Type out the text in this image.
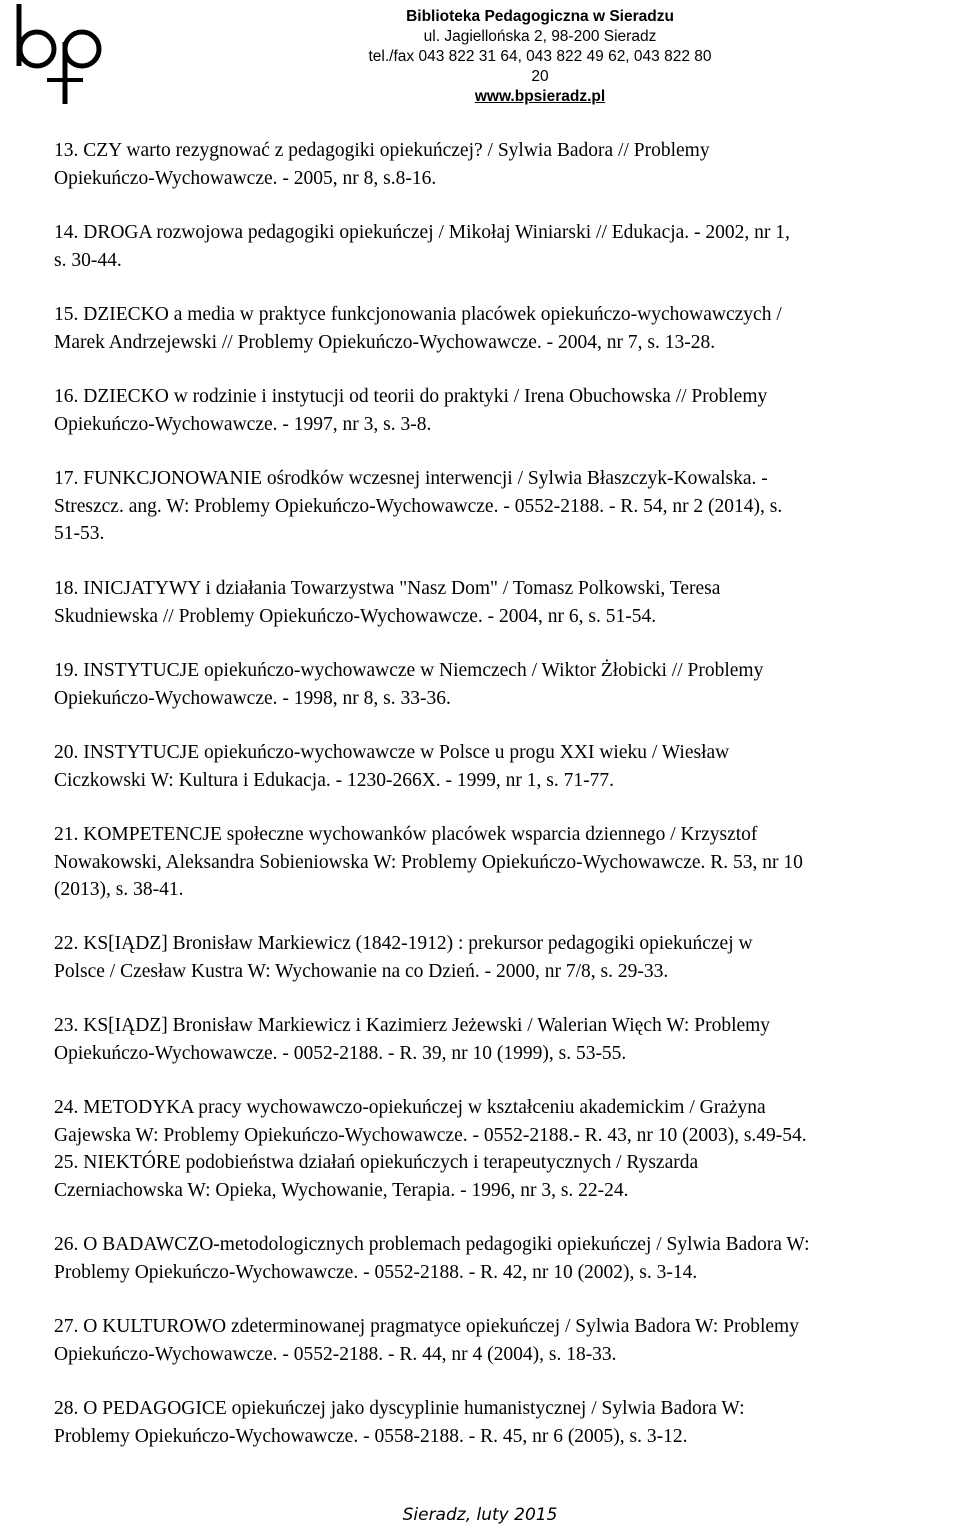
Biblioteka Pedagogiczna w Sieradzu
ul. Jagiellońska 2, 98-200 Sieradz
tel./fax 043 822 31 64, 043 822 49 62, 043 822 80 20
www.bpsieradz.pl

13. CZY warto rezygnować z pedagogiki opiekuńczej? / Sylwia Badora // Problemy
Opiekuńczo-Wychowawcze. - 2005, nr 8, s.8-16.

14. DROGA rozwojowa pedagogiki opiekuńczej / Mikołaj Winiarski // Edukacja. - 2002, nr 1,
s. 30-44.

15. DZIECKO a media w praktyce funkcjonowania placówek opiekuńczo-wychowawczych /
Marek Andrzejewski // Problemy Opiekuńczo-Wychowawcze. - 2004, nr 7, s. 13-28.

16. DZIECKO w rodzinie i instytucji od teorii do praktyki / Irena Obuchowska // Problemy
Opiekuńczo-Wychowawcze. - 1997, nr 3, s. 3-8.

17. FUNKCJONOWANIE ośrodków wczesnej interwencji / Sylwia Błaszczyk-Kowalska. -
Streszcz. ang. W: Problemy Opiekuńczo-Wychowawcze. - 0552-2188. - R. 54, nr 2 (2014), s.
51-53.

18. INICJATYWY i działania Towarzystwa "Nasz Dom" / Tomasz Polkowski, Teresa
Skudniewska // Problemy Opiekuńczo-Wychowawcze. - 2004, nr 6, s. 51-54.

19. INSTYTUCJE opiekuńczo-wychowawcze w Niemczech / Wiktor Żłobicki // Problemy
Opiekuńczo-Wychowawcze. - 1998, nr 8, s. 33-36.

20. INSTYTUCJE opiekuńczo-wychowawcze w Polsce u progu XXI wieku / Wiesław
Ciczkowski W: Kultura i Edukacja. - 1230-266X. - 1999, nr 1, s. 71-77.

21. KOMPETENCJE społeczne wychowanków placówek wsparcia dziennego / Krzysztof
Nowakowski, Aleksandra Sobieniowska W: Problemy Opiekuńczo-Wychowawcze. R. 53, nr 10
(2013), s. 38-41.

22. KS[IĄDZ] Bronisław Markiewicz (1842-1912) : prekursor pedagogiki opiekuńczej w
Polsce / Czesław Kustra W: Wychowanie na co Dzień. - 2000, nr 7/8, s. 29-33.

23. KS[IĄDZ] Bronisław Markiewicz i Kazimierz Jeżewski / Walerian Więch W: Problemy
Opiekuńczo-Wychowawcze. - 0052-2188. - R. 39, nr 10 (1999), s. 53-55.

24. METODYKA pracy wychowawczo-opiekuńczej w kształceniu akademickim / Grażyna
Gajewska W: Problemy Opiekuńczo-Wychowawcze. - 0552-2188.- R. 43, nr 10 (2003), s.49-54.

25. NIEKTÓRE podobieństwa działań opiekuńczych i terapeutycznych / Ryszarda
Czerniachowska W: Opieka, Wychowanie, Terapia. - 1996, nr 3, s. 22-24.

26. O BADAWCZO-metodologicznych problemach pedagogiki opiekuńczej / Sylwia Badora W:
Problemy Opiekuńczo-Wychowawcze. - 0552-2188. - R. 42, nr 10 (2002), s. 3-14.

27. O KULTUROWO zdeterminowanej pragmatyce opiekuńczej / Sylwia Badora W: Problemy
Opiekuńczo-Wychowawcze. - 0552-2188. - R. 44, nr 4 (2004), s. 18-33.

28. O PEDAGOGICE opiekuńczej jako dyscyplinie humanistycznej / Sylwia Badora W:
Problemy Opiekuńczo-Wychowawcze. - 0558-2188. - R. 45, nr 6 (2005), s. 3-12.

Sieradz, luty 2015
